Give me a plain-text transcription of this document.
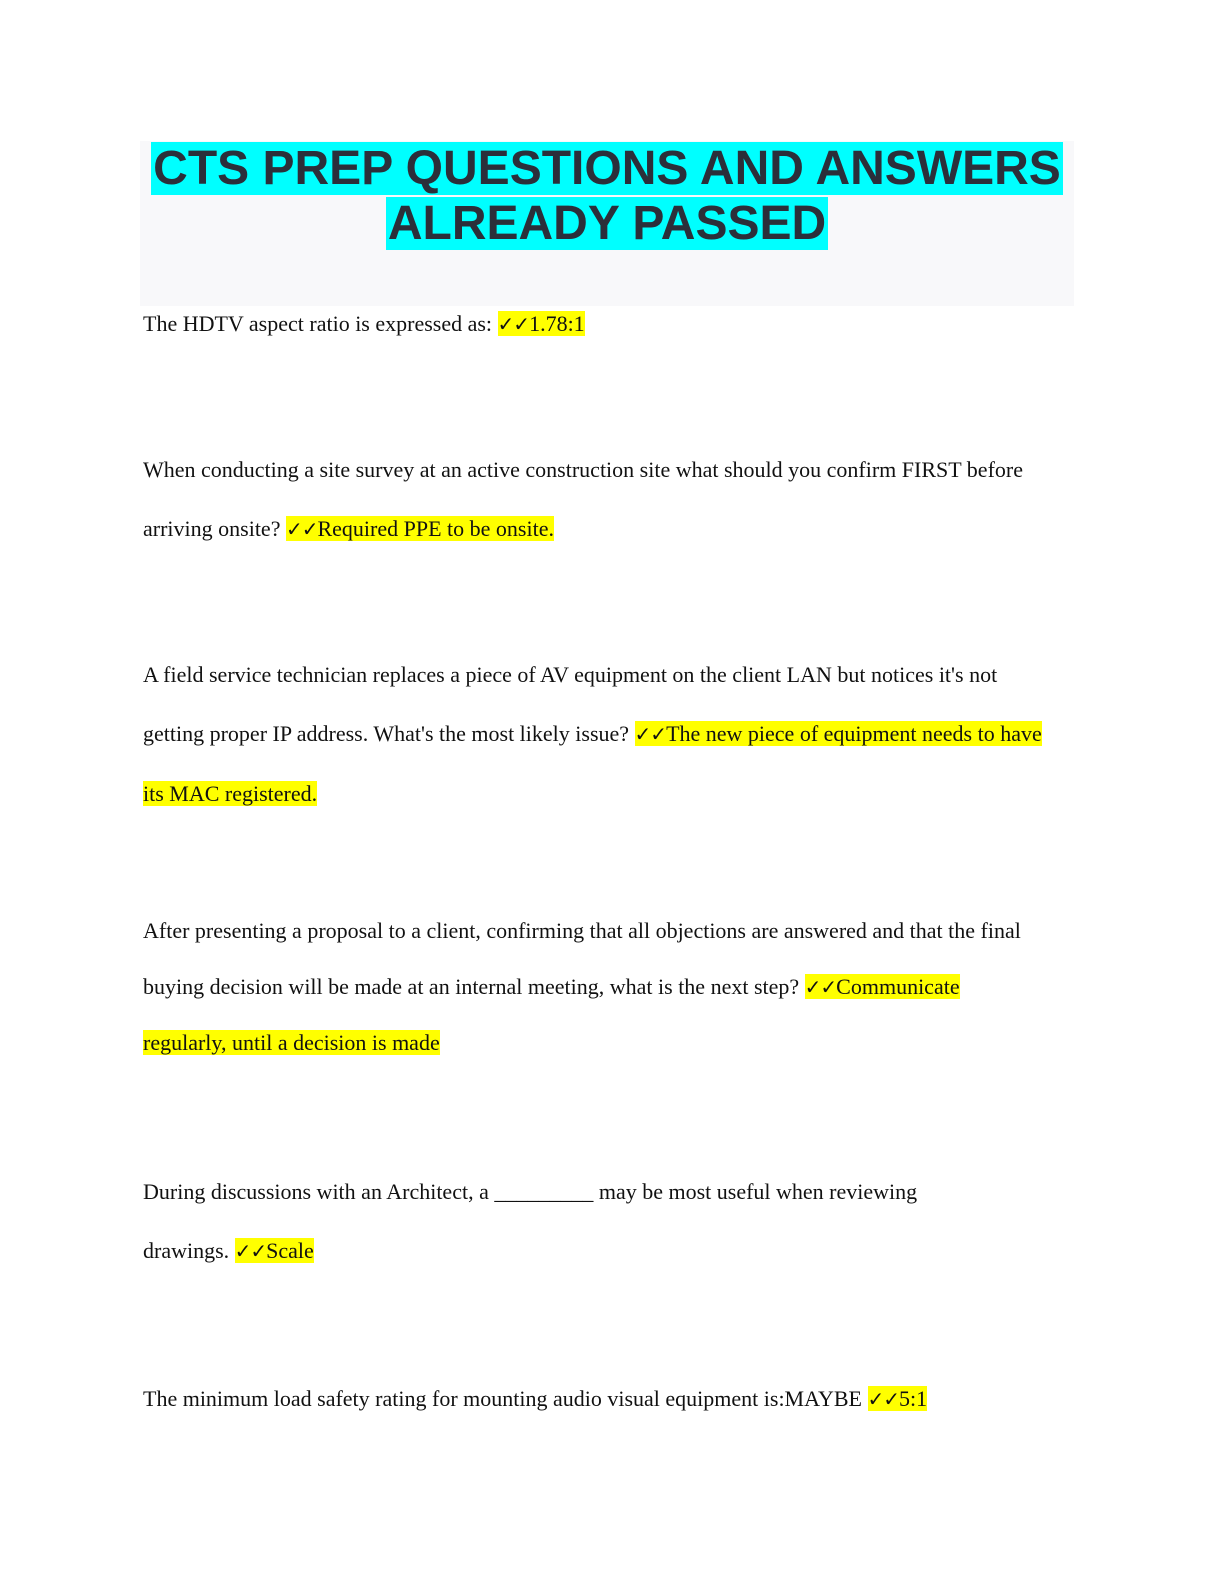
CTS PREP QUESTIONS AND ANSWERS
ALREADY PASSED

The HDTV aspect ratio is expressed as: ✓✓1.78:1

When conducting a site survey at an active construction site what should you confirm FIRST before arriving onsite? ✓✓Required PPE to be onsite.

A field service technician replaces a piece of AV equipment on the client LAN but notices it's not getting proper IP address. What's the most likely issue? ✓✓The new piece of equipment needs to have its MAC registered.

After presenting a proposal to a client, confirming that all objections are answered and that the final buying decision will be made at an internal meeting, what is the next step? ✓✓Communicate regularly, until a decision is made

During discussions with an Architect, a _________ may be most useful when reviewing drawings. ✓✓Scale

The minimum load safety rating for mounting audio visual equipment is:MAYBE ✓✓5:1
